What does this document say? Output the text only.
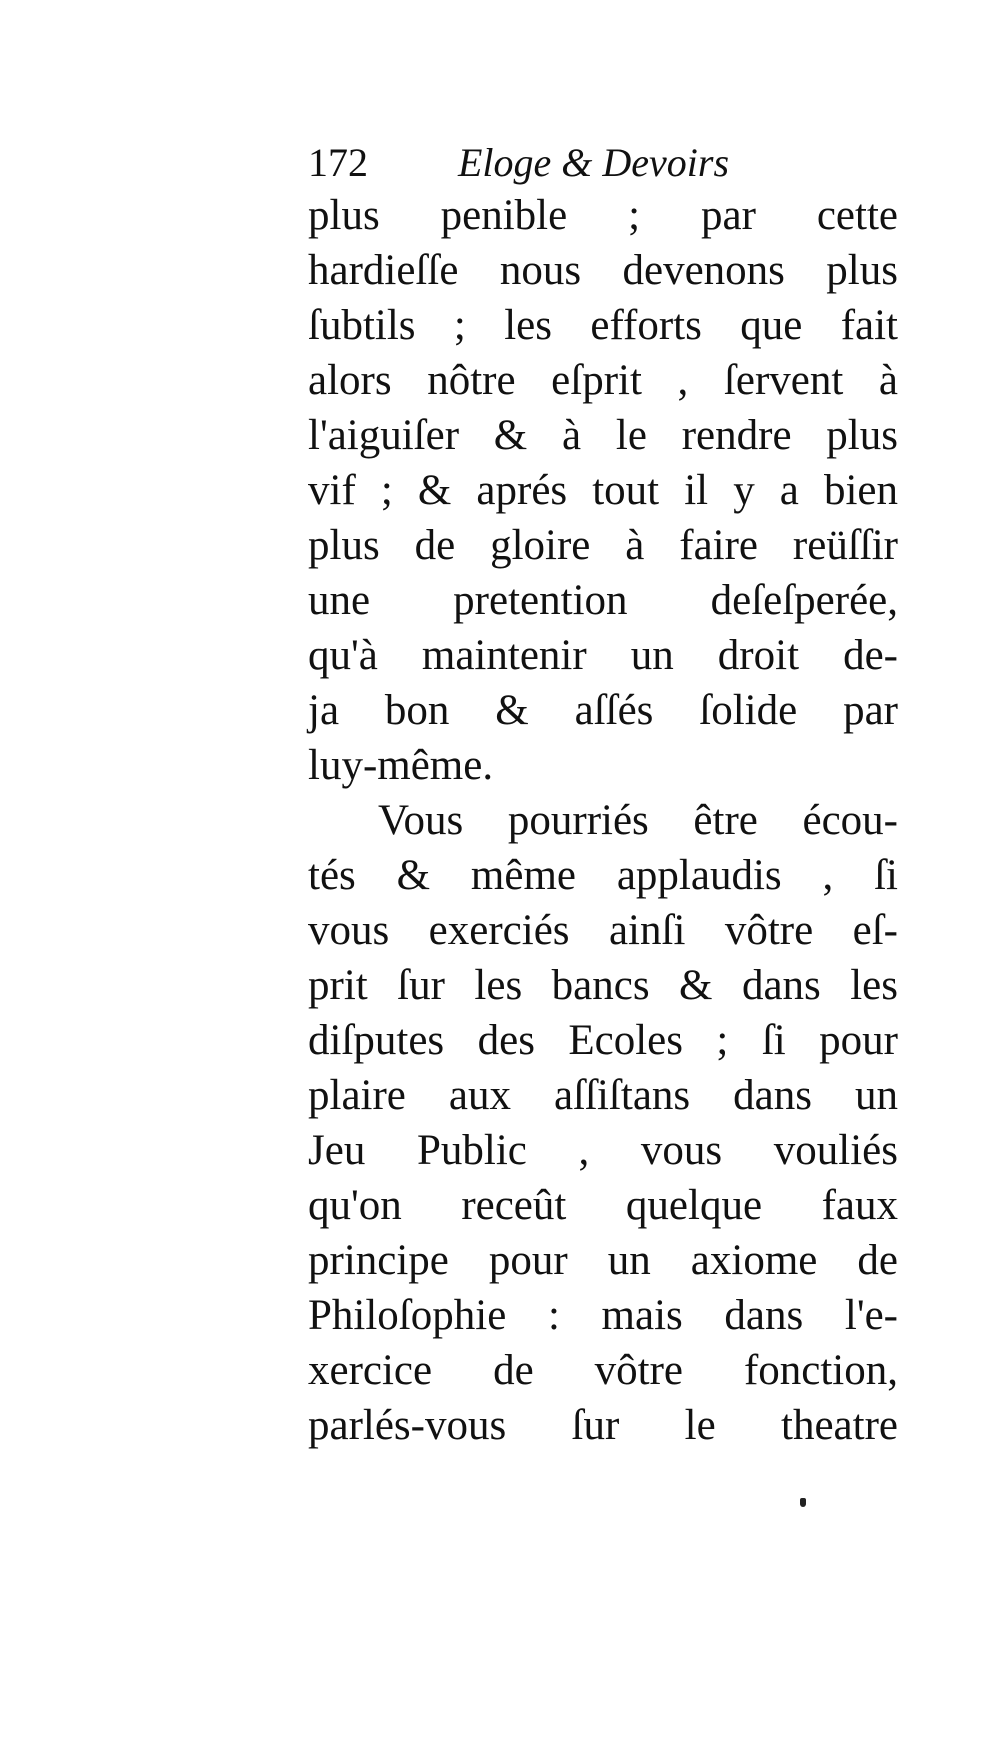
172 Eloge & Devoirs
plus penible ; par cette
hardieſſe nous devenons plus
ſubtils ; les efforts que fait
alors nôtre eſprit , ſervent à
l'aiguiſer & à le rendre plus
vif ; & aprés tout il y a bien
plus de gloire à faire reüſſir
une pretention deſeſperée,
qu'à maintenir un droit de-
ja bon & aſſés ſolide par
luy-même.
Vous pourriés être écou-
tés & même applaudis , ſi
vous exerciés ainſi vôtre eſ-
prit ſur les bancs & dans les
diſputes des Ecoles ; ſi pour
plaire aux aſſiſtans dans un
Jeu Public , vous vouliés
qu'on receût quelque faux
principe pour un axiome de
Philoſophie : mais dans l'e-
xercice de vôtre fonction,
parlés-vous ſur le theatre
